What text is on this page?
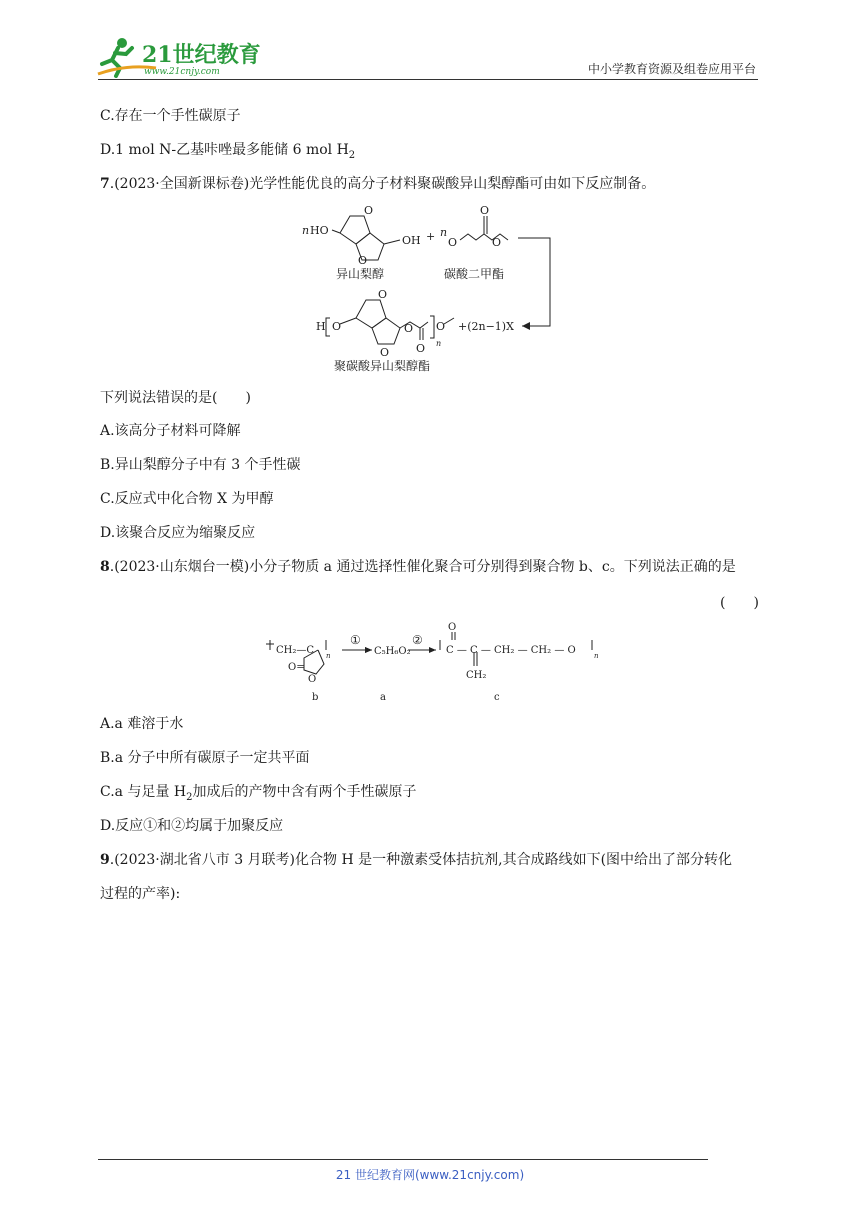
21世纪教育
www.21cnjy.com	中小学教育资源及组卷应用平台
C.存在一个手性碳原子
D.1 mol N-乙基咔唑最多能储 6 mol $H_2$
7.(2023·全国新课标卷)光学性能优良的高分子材料聚碳酸异山梨醇酯可由如下反应制备。
n HO
OH
O
O
+ n
O	O
O
异山梨醇	碳酸二甲酯
H O
O
O
O
O n
O +(2n−1)X
聚碳酸异山梨醇酯
下列说法错误的是(　　)
A.该高分子材料可降解
B.异山梨醇分子中有 3 个手性碳
C.反应式中化合物 X 为甲醇
D.该聚合反应为缩聚反应
8.(2023·山东烟台一模)小分子物质 a 通过选择性催化聚合可分别得到聚合物 b、c。下列说法正确的是
(　　)
CH₂—C n
O=
O
①
C₅H₆O₂
②
O
C — C — CH₂ — CH₂ — O	n
CH₂
b	a	c
A.a 难溶于水
B.a 分子中所有碳原子一定共平面
C.a 与足量 $H_2$加成后的产物中含有两个手性碳原子
D.反应①和②均属于加聚反应
9.(2023·湖北省八市 3 月联考)化合物 H 是一种激素受体拮抗剂,其合成路线如下(图中给出了部分转化
过程的产率):
21 世纪教育网(www.21cnjy.com)
